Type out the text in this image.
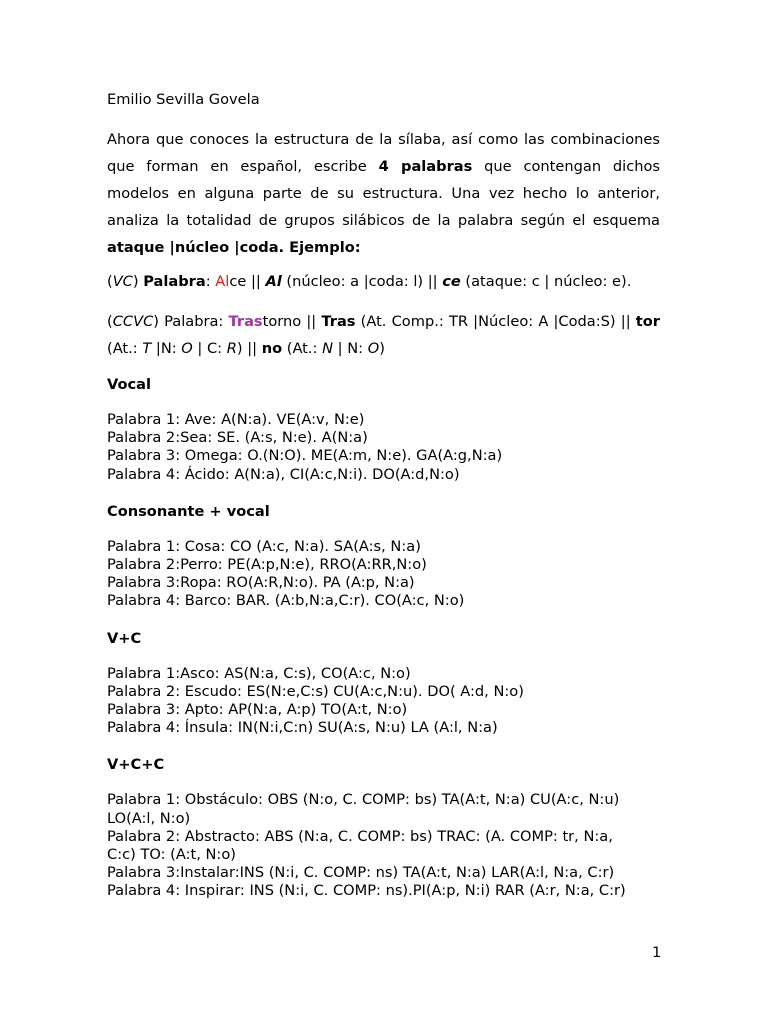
Emilio Sevilla Govela

Ahora que conoces la estructura de la sílaba, así como las combinaciones que forman en español, escribe 4 palabras que contengan dichos modelos en alguna parte de su estructura. Una vez hecho lo anterior, analiza la totalidad de grupos silábicos de la palabra según el esquema ataque |núcleo |coda. Ejemplo:

(VC) Palabra: Alce || Al (núcleo: a |coda: l) || ce (ataque: c | núcleo: e).

(CCVC) Palabra: Trastorno || Tras (At. Comp.: TR |Núcleo: A |Coda:S) || tor (At.: T |N: O | C: R) || no (At.: N | N: O)

Vocal

Palabra 1: Ave: A(N:a). VE(A:v, N:e)
Palabra 2:Sea: SE. (A:s, N:e). A(N:a)
Palabra 3: Omega: O.(N:O). ME(A:m, N:e). GA(A:g,N:a)
Palabra 4: Ácido: A(N:a), CI(A:c,N:i). DO(A:d,N:o)

Consonante + vocal

Palabra 1: Cosa: CO (A:c, N:a). SA(A:s, N:a)
Palabra 2:Perro: PE(A:p,N:e), RRO(A:RR,N:o)
Palabra 3:Ropa: RO(A:R,N:o). PA (A:p, N:a)
Palabra 4: Barco: BAR. (A:b,N:a,C:r). CO(A:c, N:o)

V+C

Palabra 1:Asco: AS(N:a, C:s), CO(A:c, N:o)
Palabra 2: Escudo: ES(N:e,C:s) CU(A:c,N:u). DO( A:d, N:o)
Palabra 3: Apto: AP(N:a, A:p) TO(A:t, N:o)
Palabra 4: Ínsula: IN(N:i,C:n) SU(A:s, N:u) LA (A:l, N:a)

V+C+C

Palabra 1: Obstáculo: OBS (N:o, C. COMP: bs) TA(A:t, N:a) CU(A:c, N:u)
LO(A:l, N:o)
Palabra 2: Abstracto: ABS (N:a, C. COMP: bs) TRAC: (A. COMP: tr, N:a,
C:c) TO: (A:t, N:o)
Palabra 3:Instalar:INS (N:i, C. COMP: ns) TA(A:t, N:a) LAR(A:l, N:a, C:r)
Palabra 4: Inspirar: INS (N:i, C. COMP: ns).PI(A:p, N:i) RAR (A:r, N:a, C:r)

1
